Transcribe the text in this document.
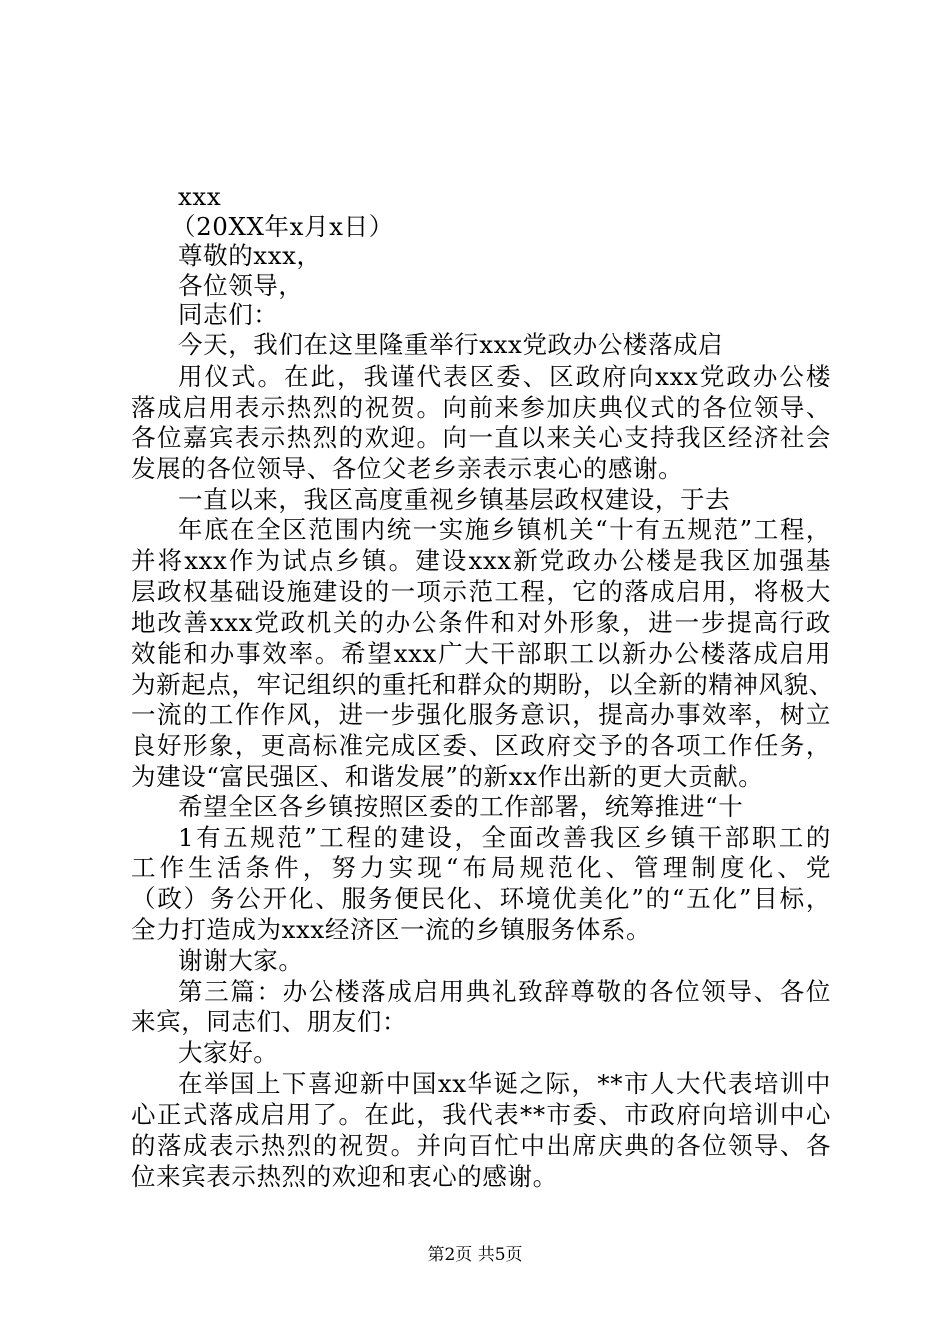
xxx
（20XX年x月x日）
尊敬的xxx，
各位领导，
同志们：
今天，我们在这里隆重举行xxx党政办公楼落成启
用仪式。在此，我谨代表区委、区政府向xxx党政办公楼
落成启用表示热烈的祝贺。向前来参加庆典仪式的各位领导、
各位嘉宾表示热烈的欢迎。向一直以来关心支持我区经济社会
发展的各位领导、各位父老乡亲表示衷心的感谢。
一直以来，我区高度重视乡镇基层政权建设，于去
年底在全区范围内统一实施乡镇机关“十有五规范”工程，
并将xxx作为试点乡镇。建设xxx新党政办公楼是我区加强基
层政权基础设施建设的一项示范工程，它的落成启用，将极大
地改善xxx党政机关的办公条件和对外形象，进一步提高行政
效能和办事效率。希望xxx广大干部职工以新办公楼落成启用
为新起点，牢记组织的重托和群众的期盼，以全新的精神风貌、
一流的工作作风，进一步强化服务意识，提高办事效率，树立
良好形象，更高标准完成区委、区政府交予的各项工作任务，
为建设“富民强区、和谐发展”的新xx作出新的更大贡献。
希望全区各乡镇按照区委的工作部署，统筹推进“十
1有五规范”工程的建设，全面改善我区乡镇干部职工的
工作生活条件，努力实现“布局规范化、管理制度化、党
（政）务公开化、服务便民化、环境优美化”的“五化”目标，
全力打造成为xxx经济区一流的乡镇服务体系。
谢谢大家。
第三篇：办公楼落成启用典礼致辞尊敬的各位领导、各位
来宾，同志们、朋友们：
大家好。
在举国上下喜迎新中国xx华诞之际，**市人大代表培训中
心正式落成启用了。在此，我代表**市委、市政府向培训中心
的落成表示热烈的祝贺。并向百忙中出席庆典的各位领导、各
位来宾表示热烈的欢迎和衷心的感谢。
第2页 共5页
